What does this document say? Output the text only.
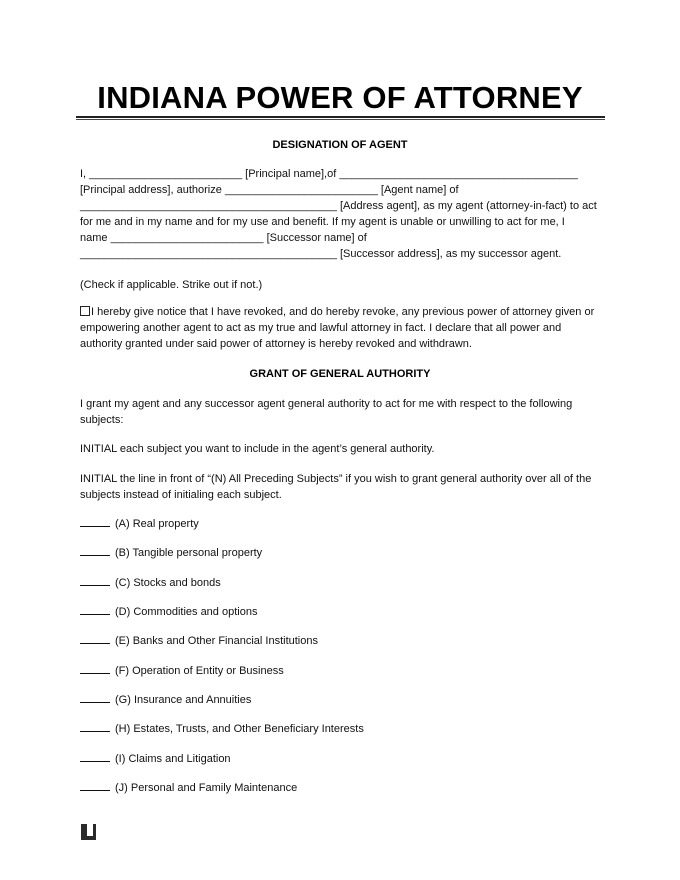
INDIANA POWER OF ATTORNEY
DESIGNATION OF AGENT
I, _________________________ [Principal name],of _______________________________________
[Principal address], authorize _________________________ [Agent name] of
__________________________________________ [Address agent], as my agent (attorney-in-fact) to act
for me and in my name and for my use and benefit. If my agent is unable or unwilling to act for me, I
name _________________________ [Successor name] of
__________________________________________ [Successor address], as my successor agent.
(Check if applicable. Strike out if not.)
I hereby give notice that I have revoked, and do hereby revoke, any previous power of attorney given or
empowering another agent to act as my true and lawful attorney in fact. I declare that all power and
authority granted under said power of attorney is hereby revoked and withdrawn.
GRANT OF GENERAL AUTHORITY
I grant my agent and any successor agent general authority to act for me with respect to the following
subjects:
INITIAL each subject you want to include in the agent’s general authority.
INITIAL the line in front of “(N) All Preceding Subjects” if you wish to grant general authority over all of the
subjects instead of initialing each subject.
(A) Real property
(B) Tangible personal property
(C) Stocks and bonds
(D) Commodities and options
(E) Banks and Other Financial Institutions
(F) Operation of Entity or Business
(G) Insurance and Annuities
(H) Estates, Trusts, and Other Beneficiary Interests
(I) Claims and Litigation
(J) Personal and Family Maintenance
